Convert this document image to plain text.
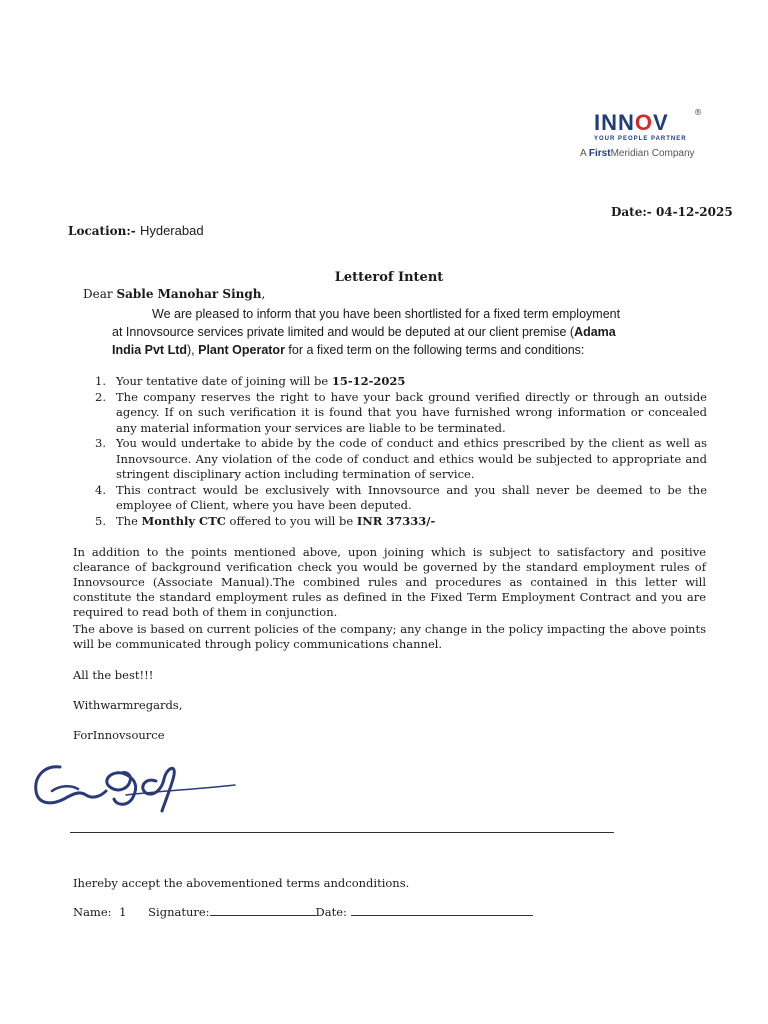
INNOV	®
YOUR PEOPLE PARTNER
A FirstMeridian Company
Date:- 04-12-2025
Location:- Hyderabad
Letterof Intent
Dear Sable Manohar Singh,
We are pleased to inform that you have been shortlisted for a fixed term employment
at Innovsource services private limited and would be deputed at our client premise (Adama
India Pvt Ltd), Plant Operator for a fixed term on the following terms and conditions:
1. Your tentative date of joining will be 15-12-2025
2. The company reserves the right to have your back ground verified directly or through an outside agency. If on such verification it is found that you have furnished wrong information or concealed any material information your services are liable to be terminated.
3. You would undertake to abide by the code of conduct and ethics prescribed by the client as well as Innovsource. Any violation of the code of conduct and ethics would be subjected to appropriate and stringent disciplinary action including termination of service.
4. This contract would be exclusively with Innovsource and you shall never be deemed to be the employee of Client, where you have been deputed.
5. The Monthly CTC offered to you will be INR 37333/-
In addition to the points mentioned above, upon joining which is subject to satisfactory and positive clearance of background verification check you would be governed by the standard employment rules of Innovsource (Associate Manual).The combined rules and procedures as contained in this letter will constitute the standard employment rules as defined in the Fixed Term Employment Contract and you are required to read both of them in conjunction.
The above is based on current policies of the company; any change in the policy impacting the above points will be communicated through policy communications channel.
All the best!!!
Withwarmregards,
ForInnovsource
Ihereby accept the abovementioned terms andconditions.
Name: 1 Signature:	Date:
